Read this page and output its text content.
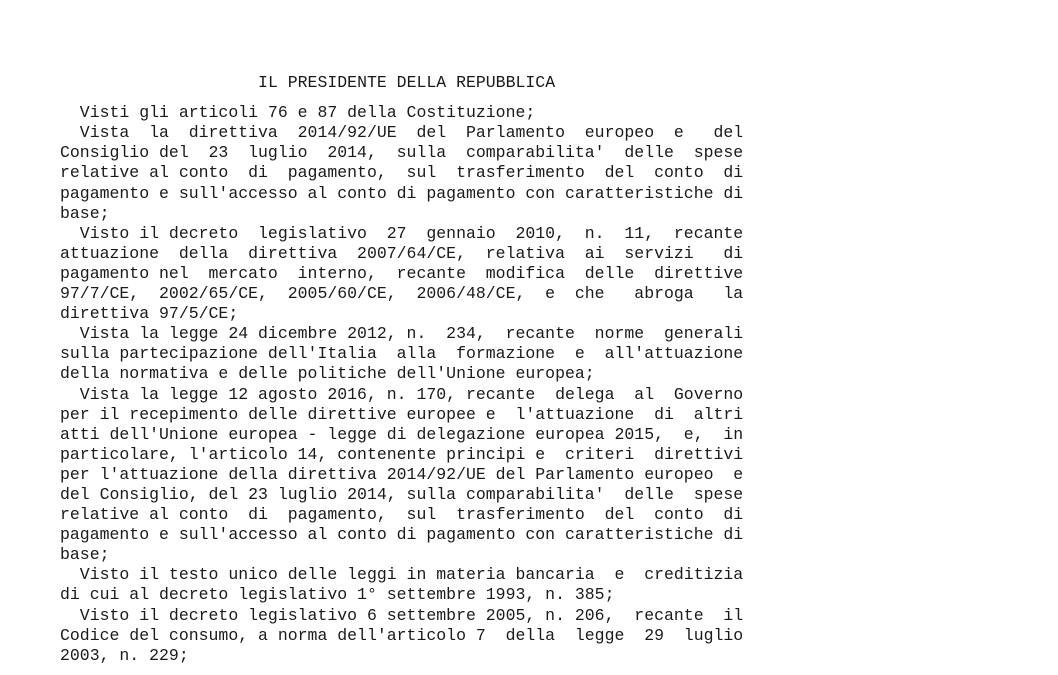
IL PRESIDENTE DELLA REPUBBLICA
Visti gli articoli 76 e 87 della Costituzione;
Vista  la  direttiva  2014/92/UE  del  Parlamento  europeo  e   del
Consiglio del  23  luglio  2014,  sulla  comparabilita'  delle  spese
relative al conto  di  pagamento,  sul  trasferimento  del  conto  di
pagamento e sull'accesso al conto di pagamento con caratteristiche di
base;
Visto il decreto  legislativo  27  gennaio  2010,  n.  11,  recante
attuazione  della  direttiva  2007/64/CE,  relativa  ai  servizi   di
pagamento nel  mercato  interno,  recante  modifica  delle  direttive
97/7/CE,  2002/65/CE,  2005/60/CE,  2006/48/CE,  e  che   abroga   la
direttiva 97/5/CE;
Vista la legge 24 dicembre 2012, n.  234,  recante  norme  generali
sulla partecipazione dell'Italia  alla  formazione  e  all'attuazione
della normativa e delle politiche dell'Unione europea;
Vista la legge 12 agosto 2016, n. 170, recante  delega  al  Governo
per il recepimento delle direttive europee e  l'attuazione  di  altri
atti dell'Unione europea - legge di delegazione europea 2015,  e,  in
particolare, l'articolo 14, contenente principi e  criteri  direttivi
per l'attuazione della direttiva 2014/92/UE del Parlamento europeo  e
del Consiglio, del 23 luglio 2014, sulla comparabilita'  delle  spese
relative al conto  di  pagamento,  sul  trasferimento  del  conto  di
pagamento e sull'accesso al conto di pagamento con caratteristiche di
base;
Visto il testo unico delle leggi in materia bancaria  e  creditizia
di cui al decreto legislativo 1° settembre 1993, n. 385;
Visto il decreto legislativo 6 settembre 2005, n. 206,  recante  il
Codice del consumo, a norma dell'articolo 7  della  legge  29  luglio
2003, n. 229;
